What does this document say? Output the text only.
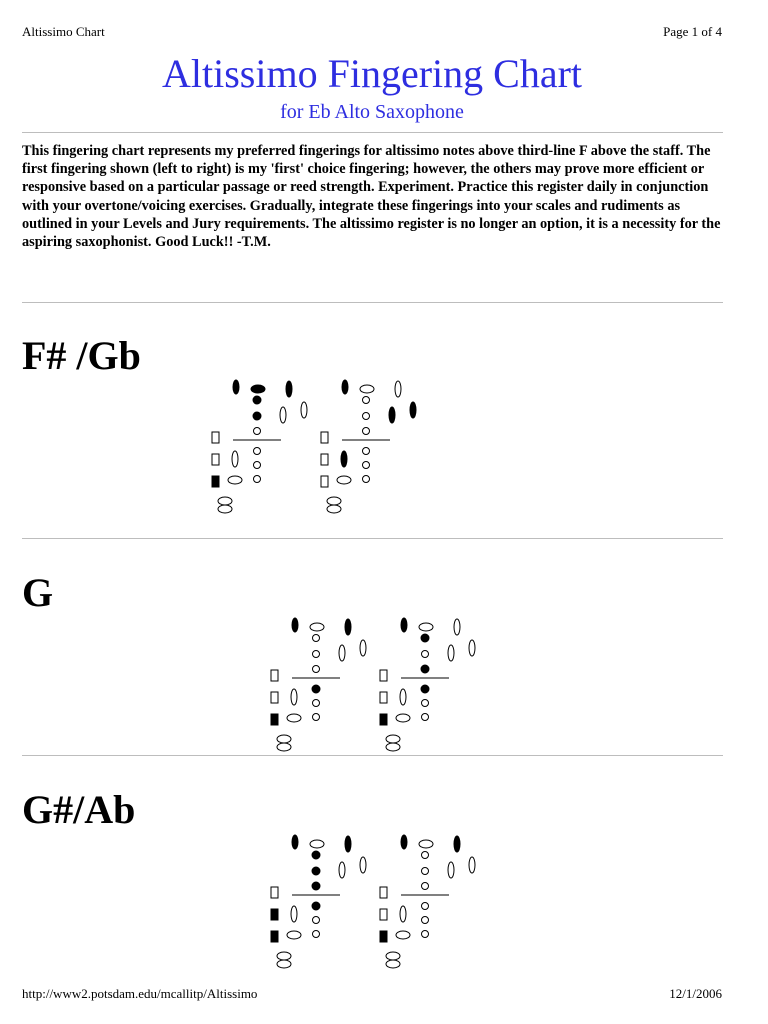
Altissimo Chart	Page 1 of 4
Altissimo Fingering Chart
for Eb Alto Saxophone
This fingering chart represents my preferred fingerings for altissimo notes above third-line F above the staff. The first fingering shown (left to right) is my 'first' choice fingering; however, the others may prove more efficient or responsive based on a particular passage or reed strength. Experiment. Practice this register daily in conjunction with your overtone/voicing exercises. Gradually, integrate these fingerings into your scales and rudiments as outlined in your Levels and Jury requirements. The altissimo register is no longer an option, it is a necessity for the aspiring saxophonist. Good Luck!! -T.M.
F# /Gb
G
G#/Ab
http://www2.potsdam.edu/mcallitp/Altissimo	12/1/2006
